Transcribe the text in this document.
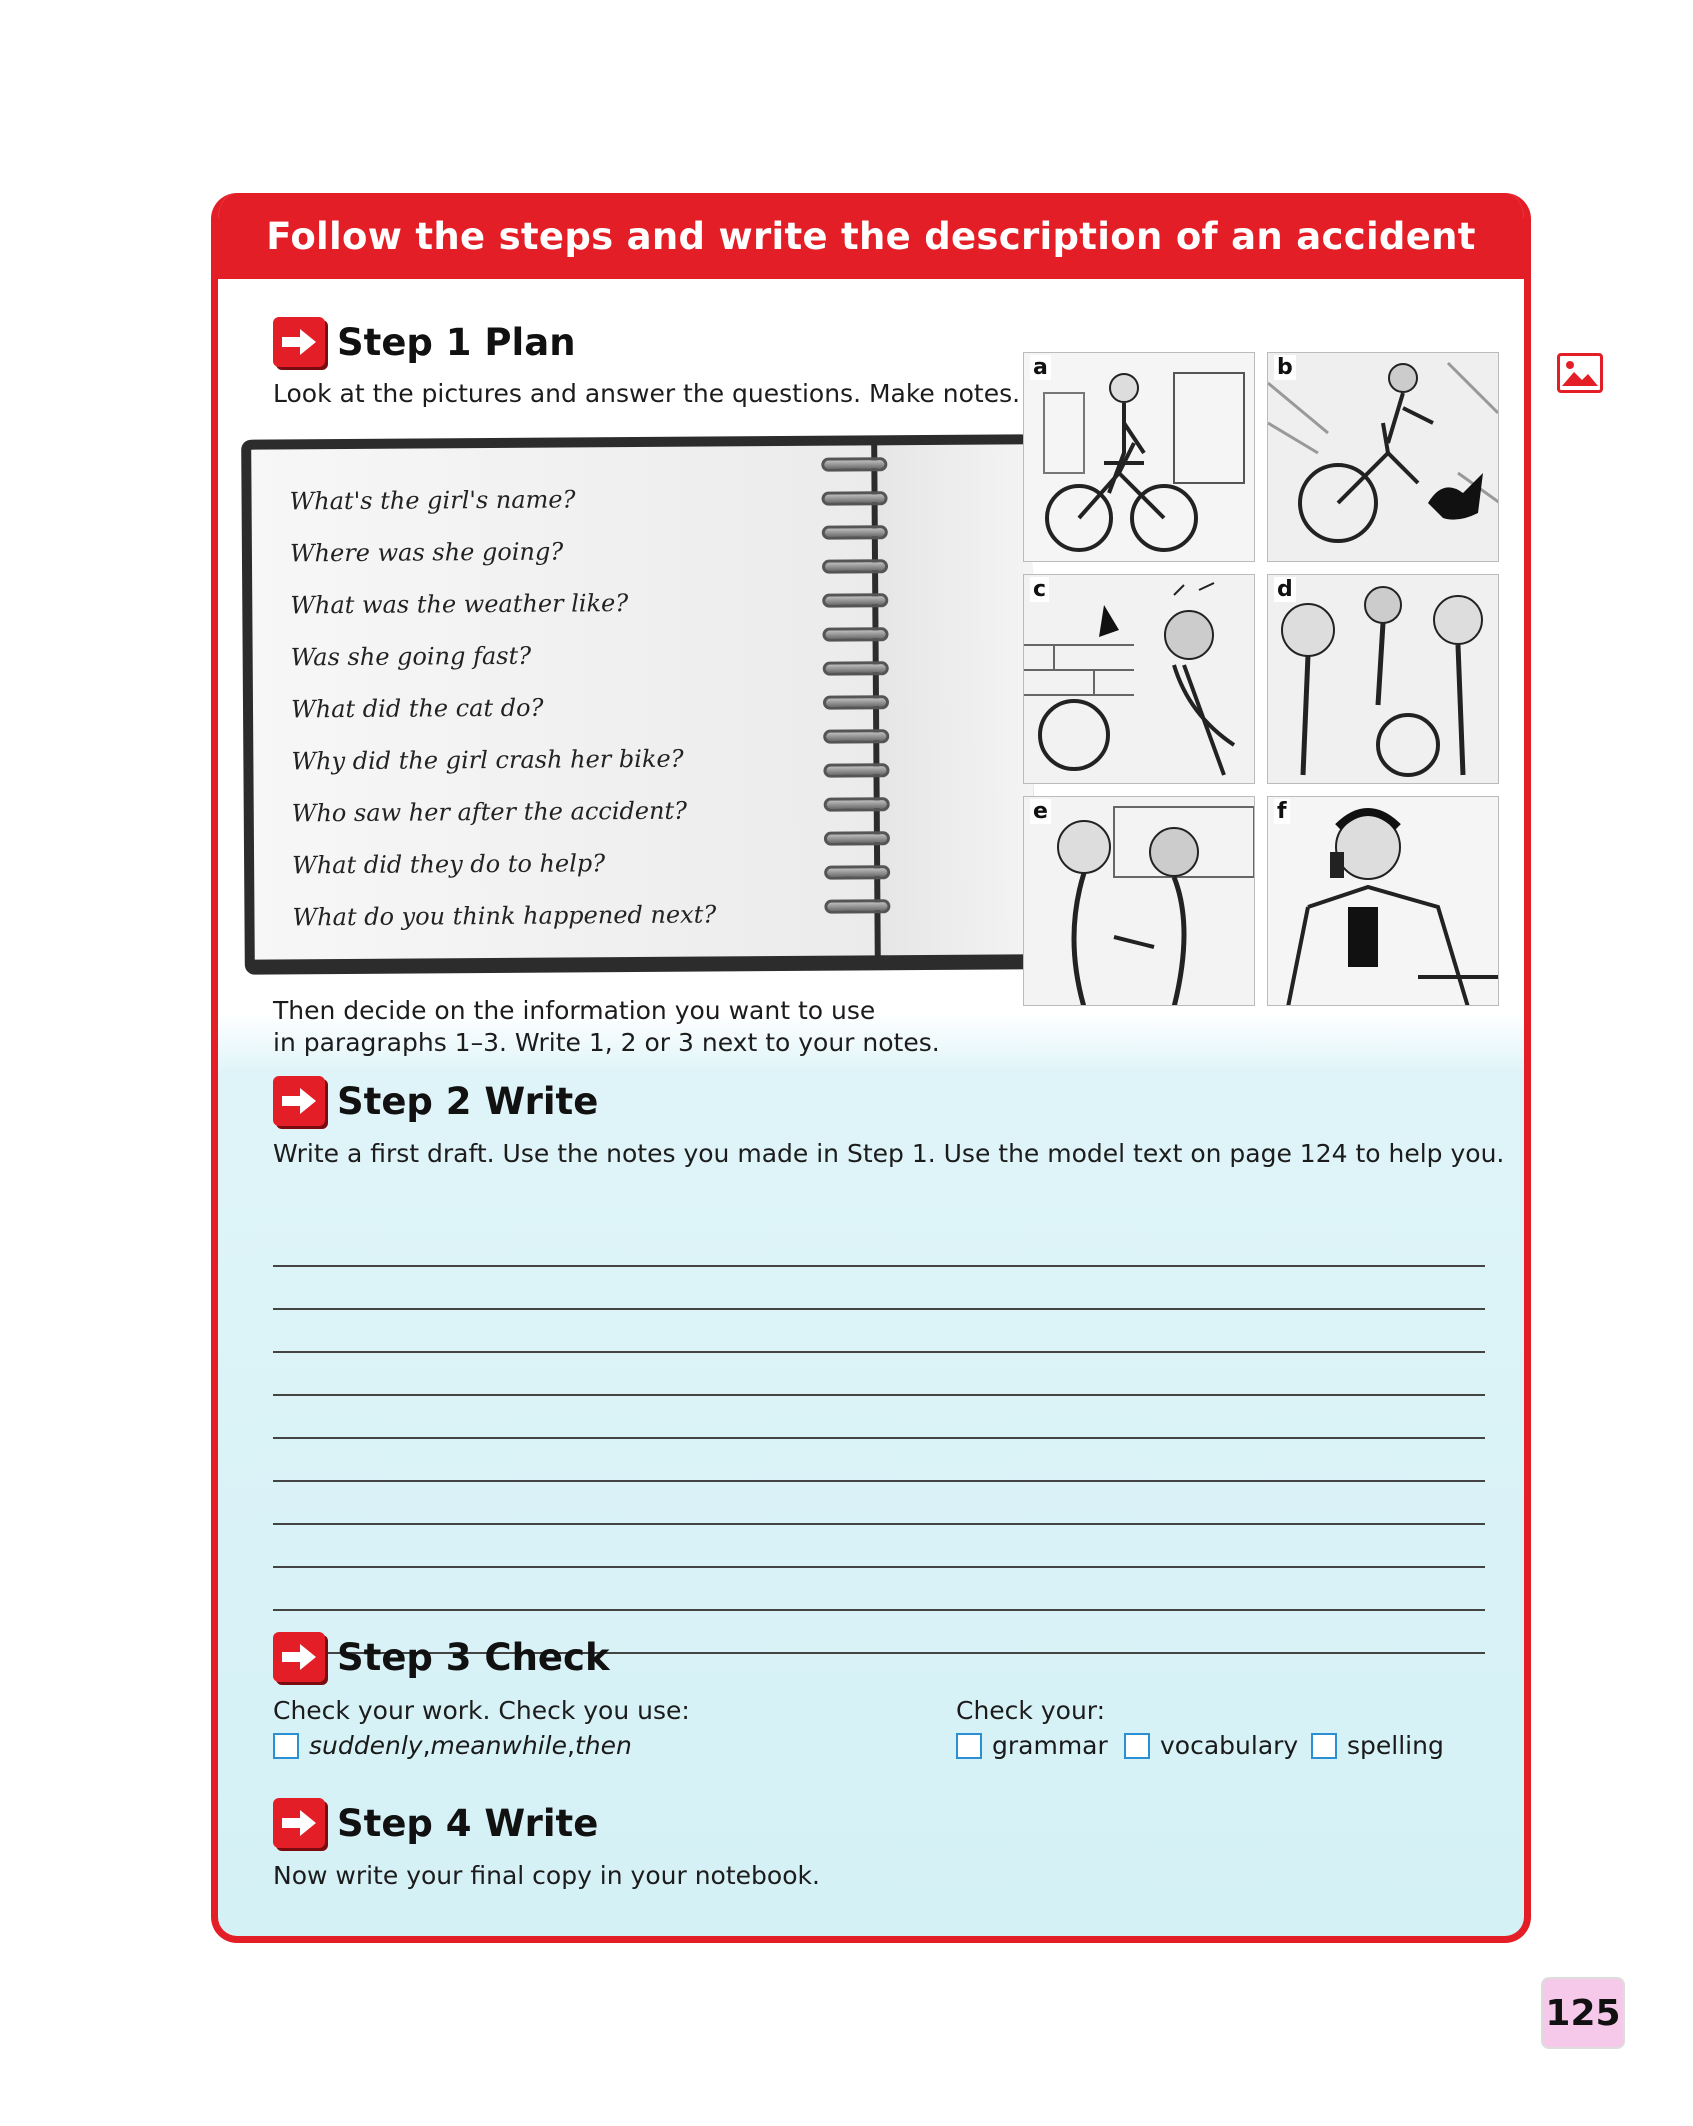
Follow the steps and write the description of an accident
Step 1 Plan
Look at the pictures and answer the questions. Make notes.
What's the girl's name?
Where was she going?
What was the weather like?
Was she going fast?
What did the cat do?
Why did the girl crash her bike?
Who saw her after the accident?
What did they do to help?
What do you think happened next?
a	b
c	d
e	f
Then decide on the information you want to use
in paragraphs 1–3. Write 1, 2 or 3 next to your notes.
Step 2 Write
Write a first draft. Use the notes you made in Step 1. Use the model text on page 124 to help you.
Step 3 Check
Check your work. Check you use:
suddenly , meanwhile , then
Check your:
grammar vocabulary spelling
Step 4 Write
Now write your final copy in your notebook.
125
